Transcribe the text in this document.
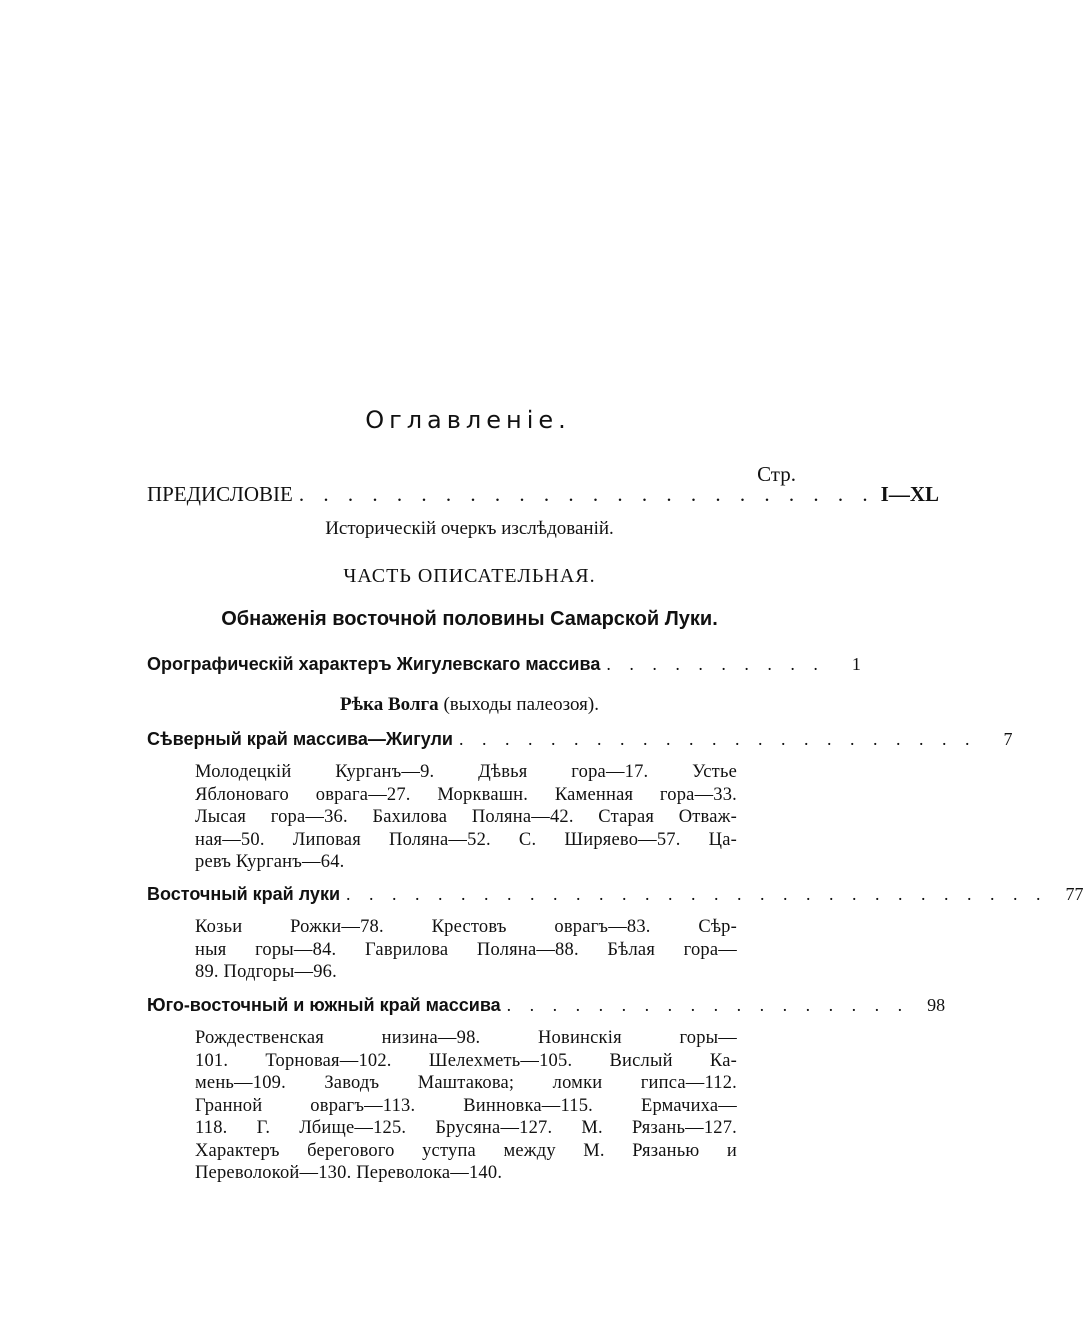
Оглавленіе.
Стр.
ПРЕДИСЛОВІЕ . . . . . . . . . . . . . . . . . . . . . . . . I—XL
Историческій очеркъ изслѣдованій.
ЧАСТЬ ОПИСАТЕЛЬНАЯ.
Обнаженія восточной половины Самарской Луки.
Орографическій характеръ Жигулевскаго массива . . . . . . . . . .	1
Рѣка Волга (выходы палеозоя).
Сѣверный край массива—Жигули . . . . . . . . . . . . . . . . . . . . . . .	7
Молодецкій Курганъ—9. Дѣвья гора—17. Устье
Яблоноваго оврага—27. Морквашн. Каменная гора—33.
Лысая гора—36. Бахилова Поляна—42. Старая Отваж-
ная—50. Липовая Поляна—52. С. Ширяево—57. Ца-
ревъ Курганъ—64.
Восточный край луки . . . . . . . . . . . . . . . . . . . . . . . . . . . . . . .	77
Козьи Рожки—78. Крестовъ оврагъ—83. Сѣр-
ныя горы—84. Гаврилова Поляна—88. Бѣлая гора—
89. Подгоры—96.
Юго-восточный и южный край массива . . . . . . . . . . . . . . . . . .	98
Рождественская низина—98. Новинскія горы—
101. Торновая—102. Шелехметь—105. Вислый Ка-
мень—109. Заводъ Маштакова; ломки гипса—112.
Гранной оврагъ—113. Винновка—115. Ермачиха—
118. Г. Лбище—125. Брусяна—127. М. Рязань—127.
Характеръ берегового уступа между М. Рязанью и
Переволокой—130. Переволока—140.
